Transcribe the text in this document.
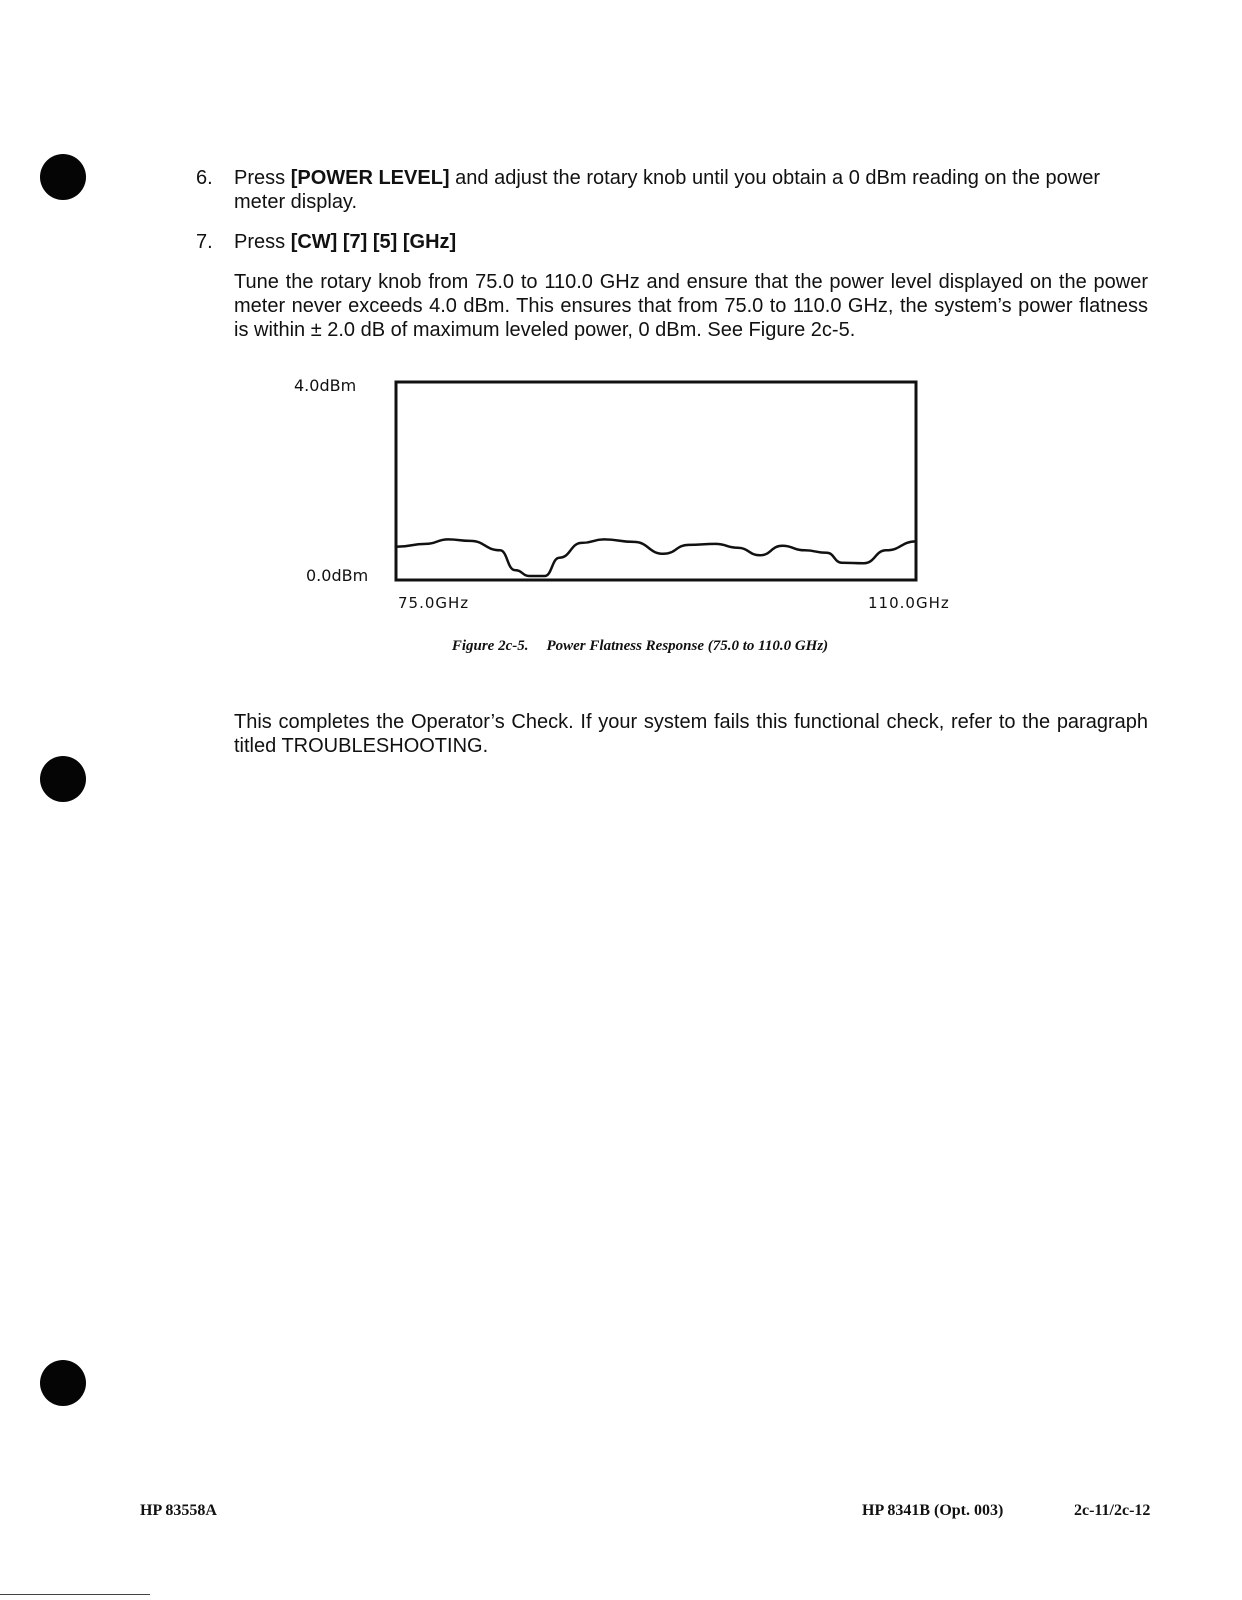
6. Press [POWER LEVEL] and adjust the rotary knob until you obtain a 0 dBm reading on the power meter display.
7. Press [CW] [7] [5] [GHz]

Tune the rotary knob from 75.0 to 110.0 GHz and ensure that the power level displayed on the power meter never exceeds 4.0 dBm. This ensures that from 75.0 to 110.0 GHz, the system’s power flatness is within ± 2.0 dB of maximum leveled power, 0 dBm. See Figure 2c-5.

4.0dBm
0.0dBm
75.0GHz	110.0GHz
Figure 2c-5. Power Flatness Response (75.0 to 110.0 GHz)

This completes the Operator’s Check. If your system fails this functional check, refer to the paragraph titled TROUBLESHOOTING.

HP 83558A	HP 8341B (Opt. 003)	2c-11/2c-12
